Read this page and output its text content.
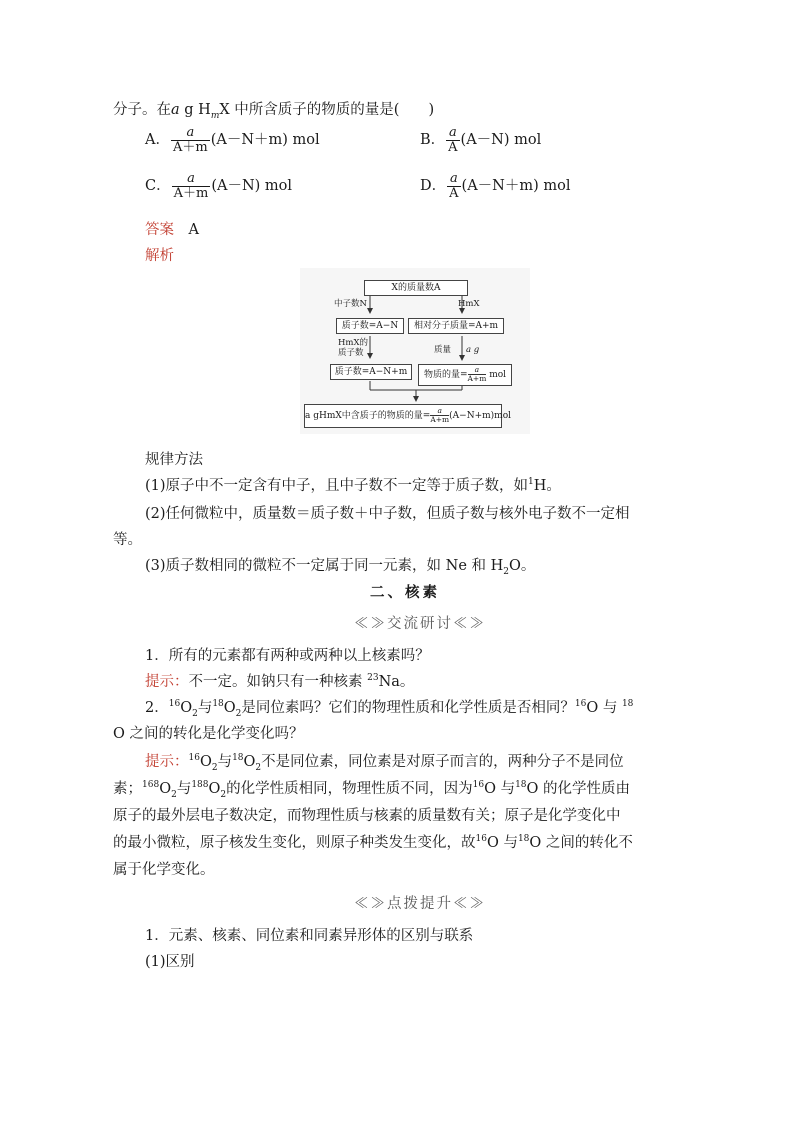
分子。在a g $H_mX$ 中所含质子的物质的量是(　　)
A． $\frac{a}{A+m} (A-N+m)$ mol	B． $\frac{a}{A} (A-N)$ mol
C． $\frac{a}{A+m} (A-N)$ mol	D． $\frac{a}{A} (A-N+m)$ mol
答案　 A
解析
X的质量数A
中子数N	HmX
质子数=A−N	相对分子质量=A+m
HmX的
质子数	质量 a g
质子数=A−N+m	物质的量= $\frac{a}{A+m}$ mol
a gHmX中含质子的物质的量= $\frac{a}{A+m} (A-N+m)mol$
规律方法
(1)原子中不一定含有中子，且中子数不一定等于质子数，如$^1$H。
(2)任何微粒中，质量数＝质子数＋中子数，但质子数与核外电子数不一定相
等。
(3)质子数相同的微粒不一定属于同一元素，如 Ne 和 $H_2O$。
二、核素
≪≫交流研讨≪≫
1．所有的元素都有两种或两种以上核素吗？
提示：不一定。如钠只有一种核素 $^{23}$Na。
2．$^{16}O_2$与$^{18}O_2$是同位素吗？它们的物理性质和化学性质是否相同？$^{16}$O 与 $^{18}$
O 之间的转化是化学变化吗？
提示：$^{16}O_2$与$^{18}O_2$不是同位素，同位素是对原子而言的，两种分子不是同位
素；$^{168}O_2$与$^{188}O_2$的化学性质相同，物理性质不同，因为$^{16}$O 与$^{18}$O 的化学性质由
原子的最外层电子数决定，而物理性质与核素的质量数有关；原子是化学变化中
的最小微粒，原子核发生变化，则原子种类发生变化，故$^{16}$O 与$^{18}$O 之间的转化不
属于化学变化。
≪≫点拨提升≪≫
1．元素、核素、同位素和同素异形体的区别与联系
(1)区别
